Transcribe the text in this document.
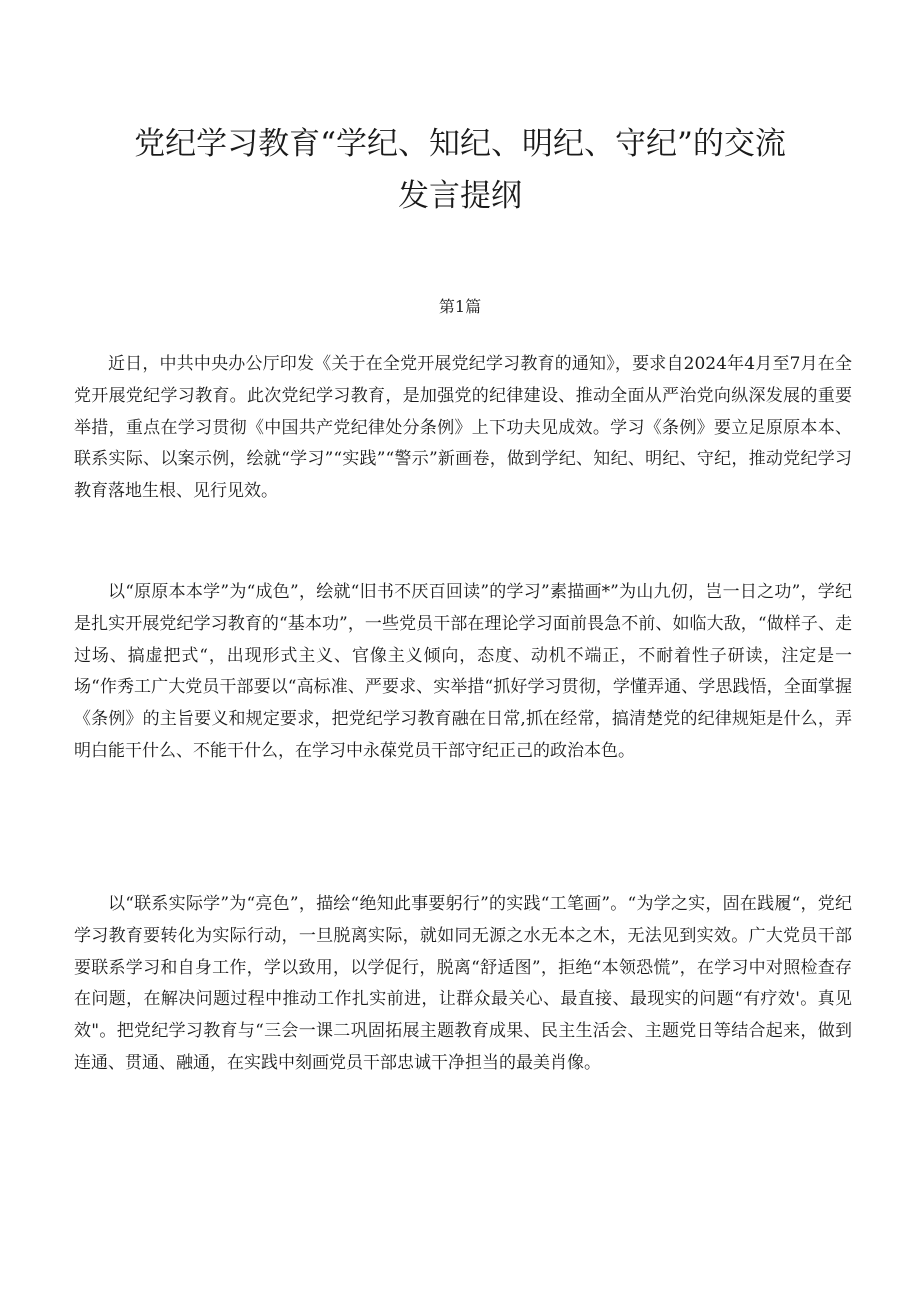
党纪学习教育“学纪、知纪、明纪、守纪”的交流
发言提纲

第1篇

近日，中共中央办公厅印发《关于在全党开展党纪学习教育的通知》，要求自2024年4月至7月在全党开展党纪学习教育。此次党纪学习教育，是加强党的纪律建设、推动全面从严治党向纵深发展的重要举措，重点在学习贯彻《中国共产党纪律处分条例》上下功夫见成效。学习《条例》要立足原原本本、联系实际、以案示例，绘就“学习”“实践”“警示”新画卷，做到学纪、知纪、明纪、守纪，推动党纪学习教育落地生根、见行见效。

以“原原本本学”为“成色”，绘就“旧书不厌百回读”的学习”素描画*”为山九仞，岂一日之功”，学纪是扎实开展党纪学习教育的“基本功”，一些党员干部在理论学习面前畏急不前、如临大敌，“做样子、走过场、搞虚把式“，出现形式主义、官像主义倾向，态度、动机不端正，不耐着性子研读，注定是一场“作秀工广大党员干部要以“高标准、严要求、实举措“抓好学习贯彻，学懂弄通、学思践悟，全面掌握《条例》的主旨要义和规定要求，把党纪学习教育融在日常,抓在经常，搞清楚党的纪律规矩是什么，弄明白能干什么、不能干什么，在学习中永葆党员干部守纪正己的政治本色。

以“联系实际学”为“亮色”，描绘“绝知此事要躬行”的实践“工笔画”。“为学之实，固在践履“，党纪学习教育要转化为实际行动，一旦脱离实际，就如同无源之水无本之木，无法见到实效。广大党员干部要联系学习和自身工作，学以致用，以学促行，脱离“舒适图”，拒绝“本领恐慌”，在学习中对照检查存在问题，在解决问题过程中推动工作扎实前进，让群众最关心、最直接、最现实的问题“有疗效'。真见效"。把党纪学习教育与“三会一课二巩固拓展主题教育成果、民主生活会、主题党日等结合起来，做到连通、贯通、融通，在实践中刻画党员干部忠诚干净担当的最美肖像。
